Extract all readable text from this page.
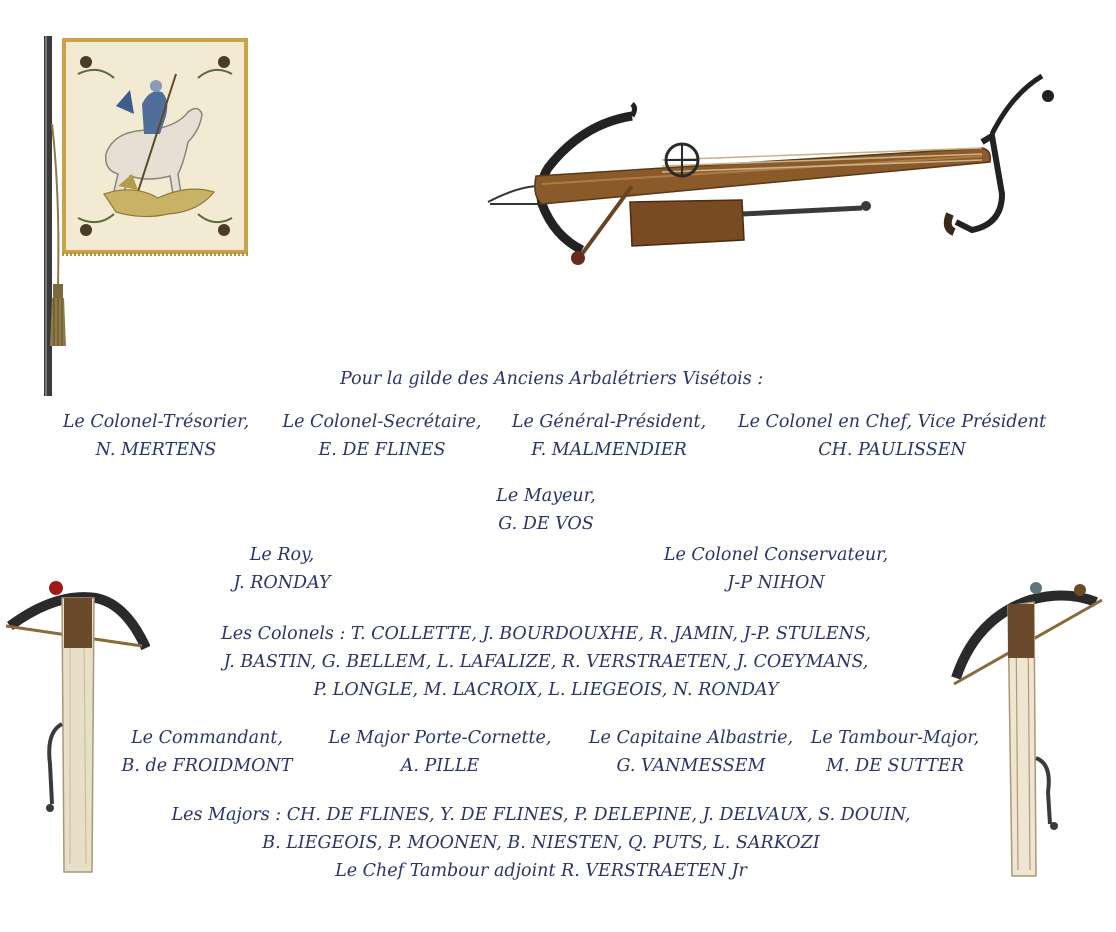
Pour la gilde des Anciens Arbalétriers Visétois :
Le Colonel-Trésorier,
N. MERTENS
Le Colonel-Secrétaire,
E. DE FLINES
Le Général-Président,
F. MALMENDIER
Le Colonel en Chef, Vice Président
CH. PAULISSEN
Le Mayeur,
G. DE VOS
Le Roy,
J. RONDAY
Le Colonel Conservateur,
J-P NIHON
Les Colonels : T. COLLETTE, J. BOURDOUXHE, R. JAMIN, J-P. STULENS,
J. BASTIN, G. BELLEM, L. LAFALIZE, R. VERSTRAETEN, J. COEYMANS,
P. LONGLE, M. LACROIX, L. LIEGEOIS, N. RONDAY
Le Commandant,
B. de FROIDMONT
Le Major Porte-Cornette,
A. PILLE
Le Capitaine Albastrie,
G. VANMESSEM
Le Tambour-Major,
M. DE SUTTER
Les Majors : CH. DE FLINES, Y. DE FLINES, P. DELEPINE, J. DELVAUX, S. DOUIN,
B. LIEGEOIS, P. MOONEN, B. NIESTEN, Q. PUTS, L. SARKOZI
Le Chef Tambour adjoint R. VERSTRAETEN Jr
